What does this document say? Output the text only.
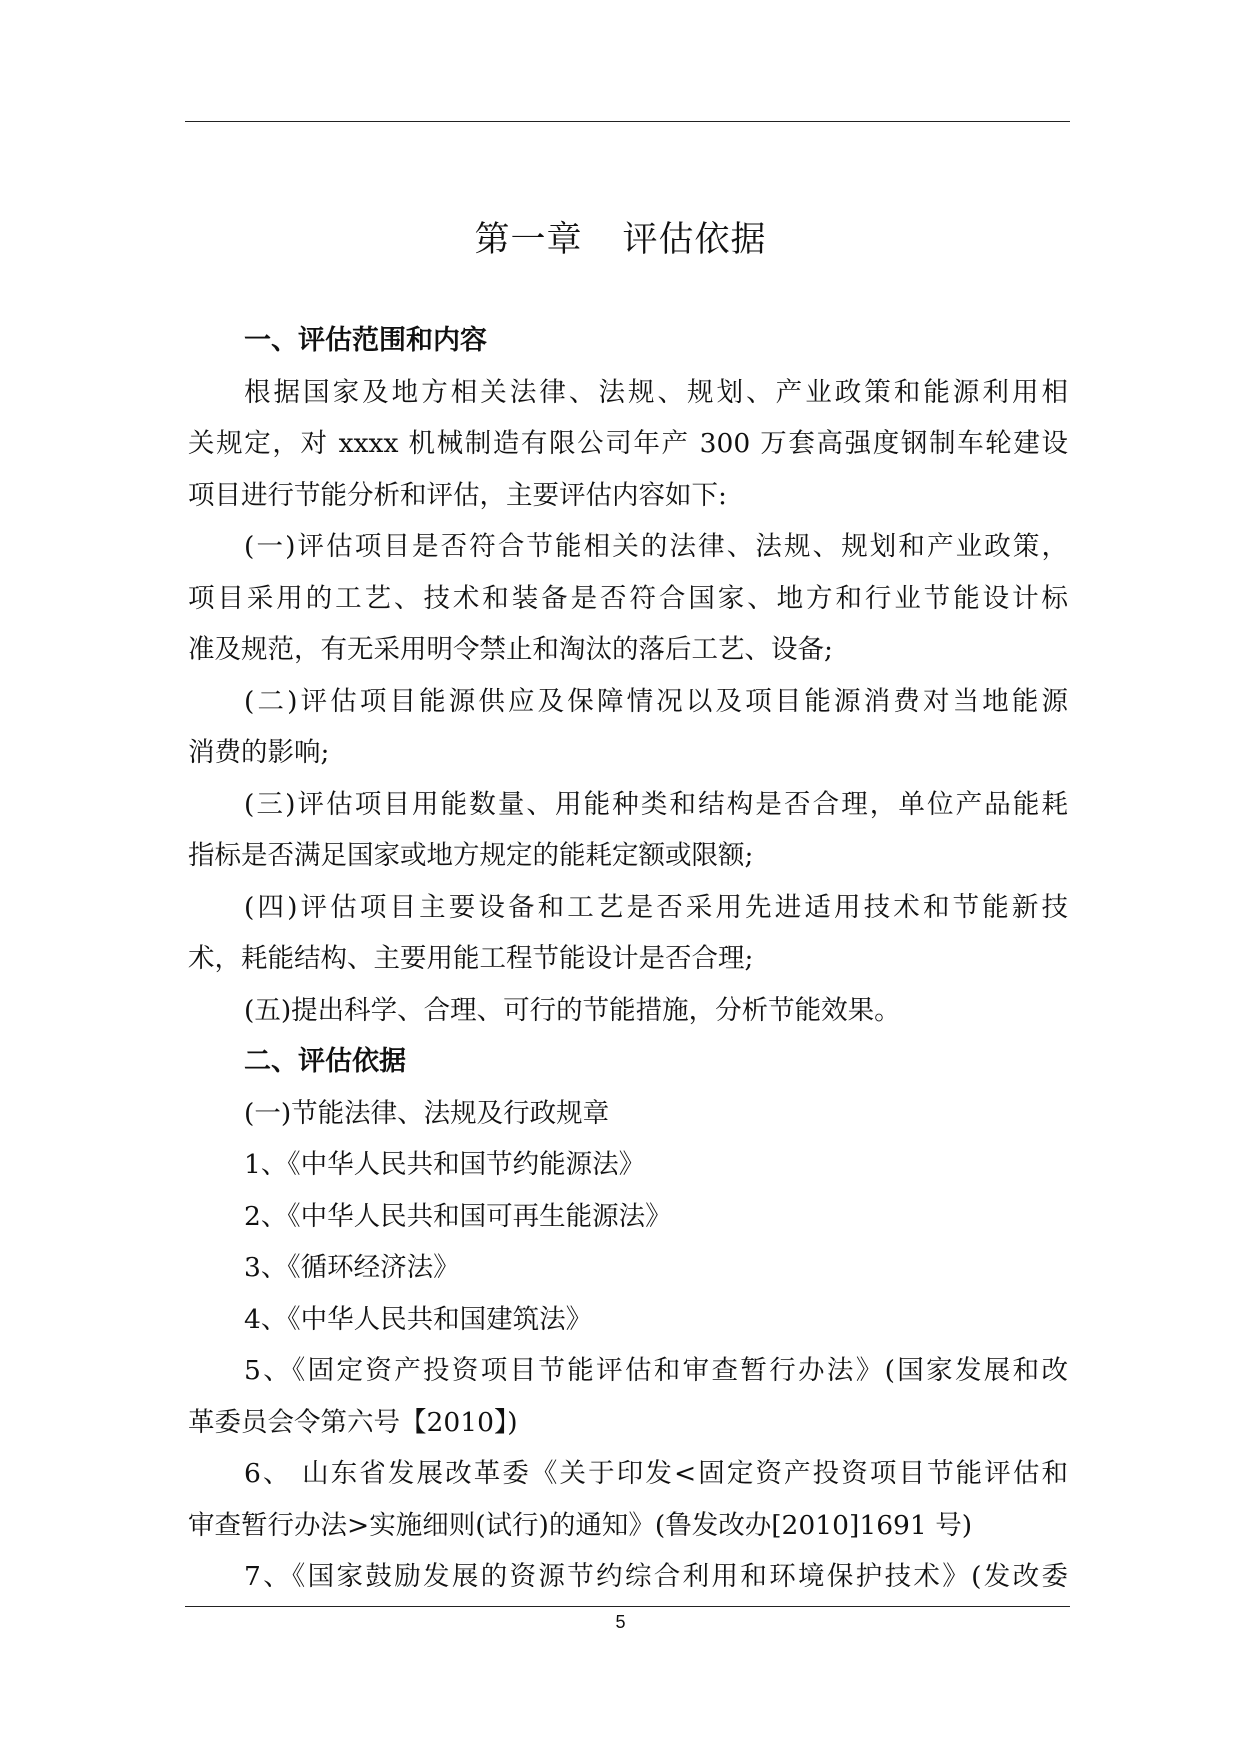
第一章 评估依据
一、评估范围和内容
根据国家及地方相关法律、法规、规划、产业政策和能源利用相
关规定，对 xxxx 机械制造有限公司年产 300 万套高强度钢制车轮建设
项目进行节能分析和评估，主要评估内容如下:
(一)评估项目是否符合节能相关的法律、法规、规划和产业政策，
项目采用的工艺、技术和装备是否符合国家、地方和行业节能设计标
准及规范，有无采用明令禁止和淘汰的落后工艺、设备;
(二)评估项目能源供应及保障情况以及项目能源消费对当地能源
消费的影响;
(三)评估项目用能数量、用能种类和结构是否合理，单位产品能耗
指标是否满足国家或地方规定的能耗定额或限额;
(四)评估项目主要设备和工艺是否采用先进适用技术和节能新技
术，耗能结构、主要用能工程节能设计是否合理;
(五)提出科学、合理、可行的节能措施，分析节能效果。
二、评估依据
(一)节能法律、法规及行政规章
1、《中华人民共和国节约能源法》
2、《中华人民共和国可再生能源法》
3、《循环经济法》
4、《中华人民共和国建筑法》
5、《固定资产投资项目节能评估和审查暂行办法》(国家发展和改
革委员会令第六号【2010】)
6、 山东省发展改革委《关于印发<固定资产投资项目节能评估和
审查暂行办法>实施细则(试行)的通知》(鲁发改办[2010]1691 号)
7、《国家鼓励发展的资源节约综合利用和环境保护技术》(发改委
5
